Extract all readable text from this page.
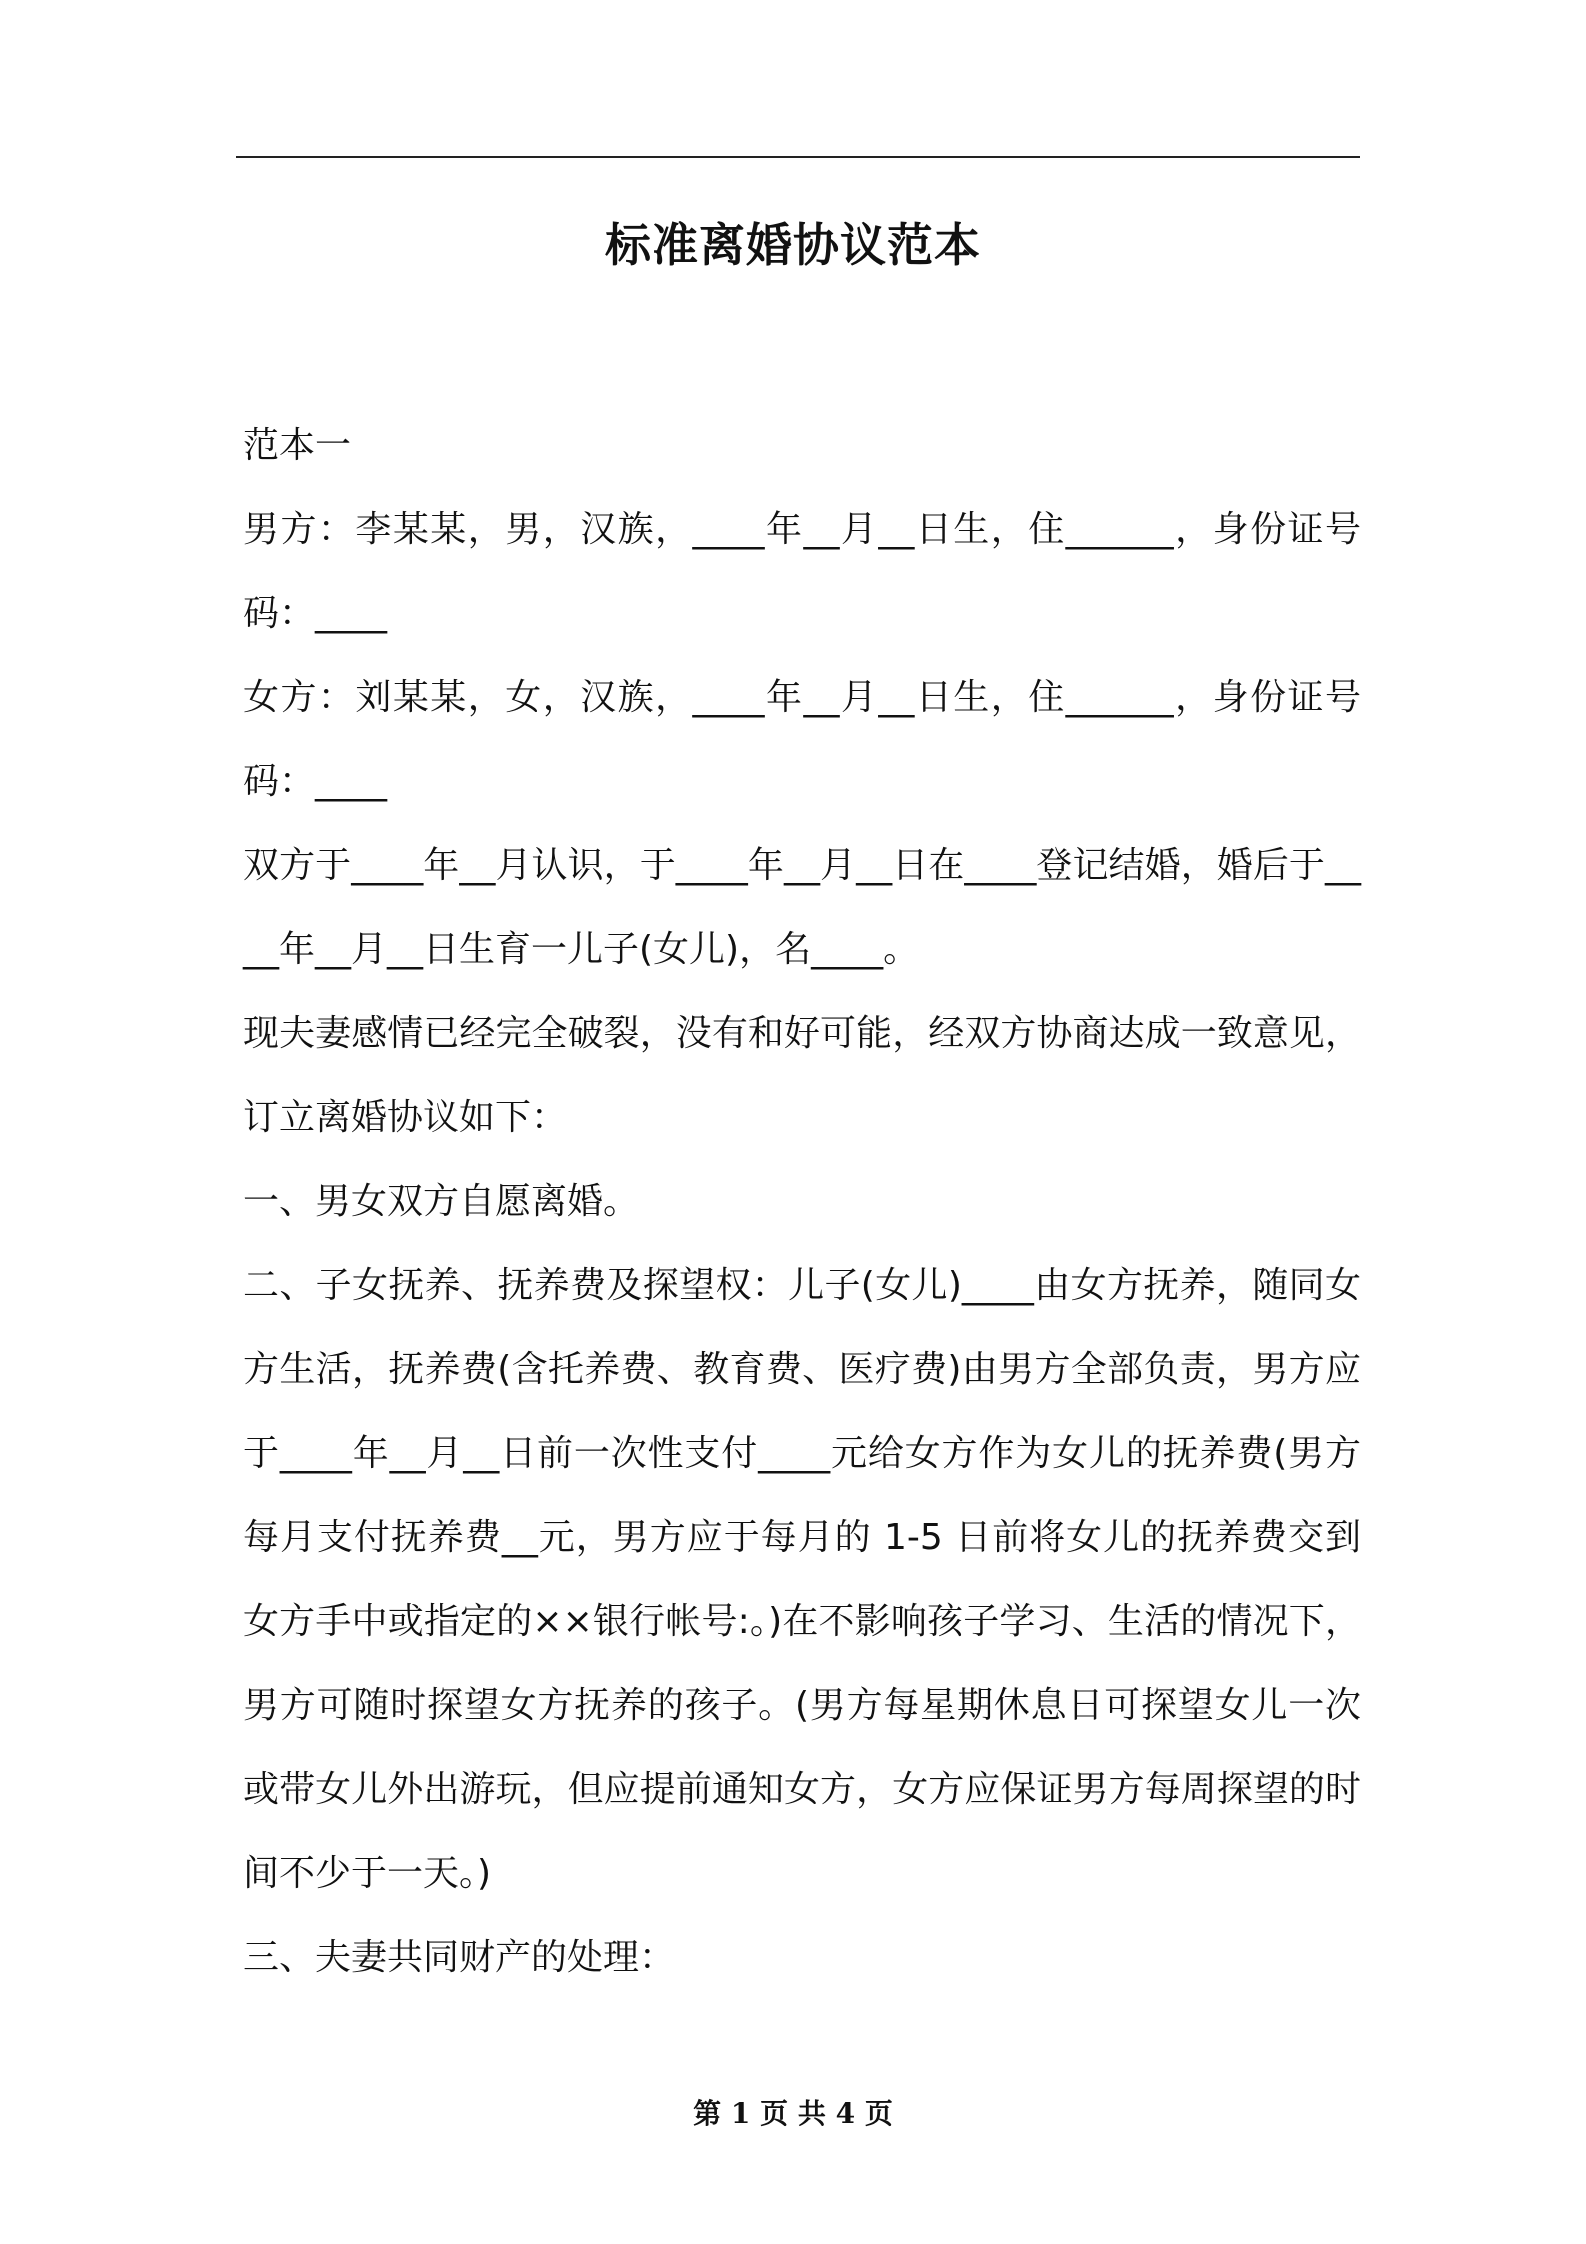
标准离婚协议范本

范本一

男方：李某某，男，汉族，____年__月__日生，住______，身份证号码：____

女方：刘某某，女，汉族，____年__月__日生，住______，身份证号码：____

双方于____年__月认识，于____年__月__日在____登记结婚，婚后于____年__月__日生育一儿子(女儿)，名____。

现夫妻感情已经完全破裂，没有和好可能，经双方协商达成一致意见，订立离婚协议如下：

一、男女双方自愿离婚。

二、子女抚养、抚养费及探望权：儿子(女儿)____由女方抚养，随同女方生活，抚养费(含托养费、教育费、医疗费)由男方全部负责，男方应于____年__月__日前一次性支付____元给女方作为女儿的抚养费(男方每月支付抚养费__元，男方应于每月的 1-5 日前将女儿的抚养费交到女方手中或指定的××银行帐号:。)在不影响孩子学习、生活的情况下，男方可随时探望女方抚养的孩子。(男方每星期休息日可探望女儿一次或带女儿外出游玩，但应提前通知女方，女方应保证男方每周探望的时间不少于一天。)

三、夫妻共同财产的处理：

第 1 页 共 4 页
